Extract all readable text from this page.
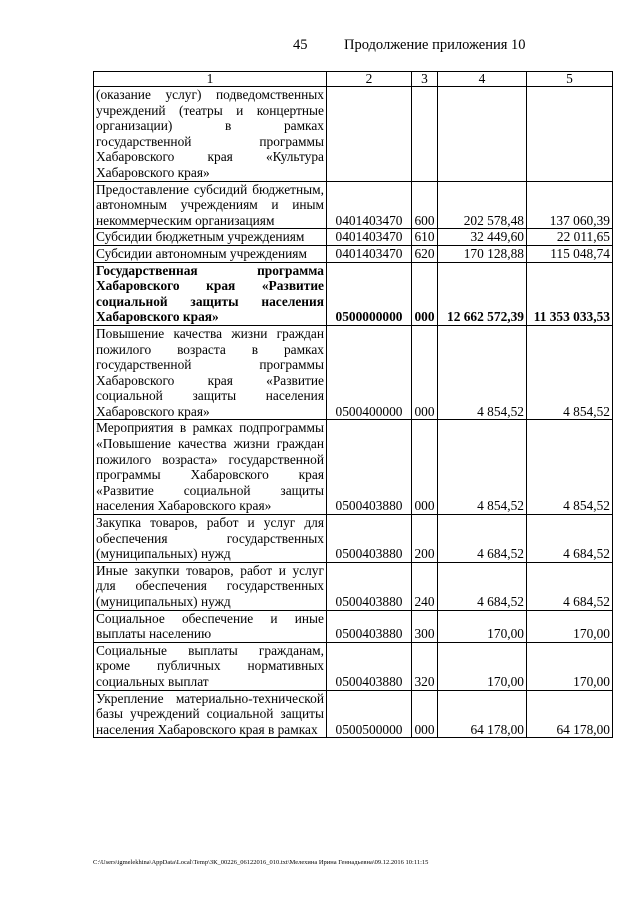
45	Продолжение приложения 10
1	2	3	4	5
(оказание услуг) подведомственных учреждений (театры и концертные организации) в рамках государственной программы Хабаровского края «Культура Хабаровского края»				
Предоставление субсидий бюджетным, автономным учреждениям и иным некоммерческим организациям	0401403470	600	202 578,48	137 060,39
Субсидии бюджетным учреждениям	0401403470	610	32 449,60	22 011,65
Субсидии автономным учреждениям	0401403470	620	170 128,88	115 048,74
Государственная программа Хабаровского края «Развитие социальной защиты населения Хабаровского края»	0500000000	000	12 662 572,39	11 353 033,53
Повышение качества жизни граждан пожилого возраста в рамках государственной программы Хабаровского края «Развитие социальной защиты населения Хабаровского края»	0500400000	000	4 854,52	4 854,52
Мероприятия в рамках подпрограммы «Повышение качества жизни граждан пожилого возраста» государственной программы Хабаровского края «Развитие социальной защиты населения Хабаровского края»	0500403880	000	4 854,52	4 854,52
Закупка товаров, работ и услуг для обеспечения государственных (муниципальных) нужд	0500403880	200	4 684,52	4 684,52
Иные закупки товаров, работ и услуг для обеспечения государственных (муниципальных) нужд	0500403880	240	4 684,52	4 684,52
Социальное обеспечение и иные выплаты населению	0500403880	300	170,00	170,00
Социальные выплаты гражданам, кроме публичных нормативных социальных выплат	0500403880	320	170,00	170,00
Укрепление материально-технической базы учреждений социальной защиты населения Хабаровского края в рамках	0500500000	000	64 178,00	64 178,00
C:\Users\igmelekhina\AppData\Local\Temp\ЗК_00226_06122016_010.txt\Мелехина Ирина Геннадьевна\09.12.2016 10:11:15
